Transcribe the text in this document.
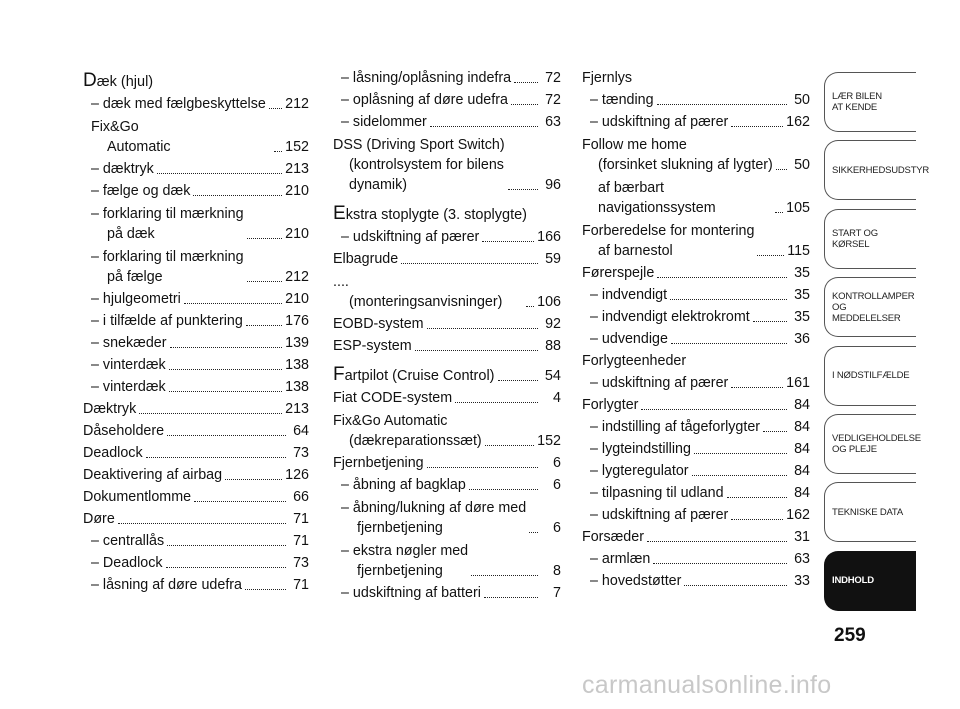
Dæk (hjul)
– dæk med fælgbeskyttelse 212
Fix&Go
Automatic	152
– dæktryk	213
– fælge og dæk	210
– forklaring til mærkning
på dæk	210
– forklaring til mærkning
på fælge	212
– hjulgeometri	210
– i tilfælde af punktering	176
– snekæder	139
– vinterdæk	138
– vinterdæk	138
Dæktryk	213
Dåseholdere	64
Deadlock	73
Deaktivering af airbag	126
Dokumentlomme	66
Døre	71
– centrallås	71
– Deadlock	73
– låsning af døre udefra	71
– låsning/oplåsning indefra 72
– oplåsning af døre udefra	72
– sidelommer	63
DSS (Driving Sport Switch)
(kontrolsystem for bilens
dynamik)	96
Ekstra stoplygte (3. stoplygte)
– udskiftning af pærer	166
Elbagrude	59
....
(monteringsanvisninger)	106
EOBD-system	92
ESP-system	88
Fartpilot (Cruise Control)	54
Fiat CODE-system	4
Fix&Go Automatic
(dækreparationssæt)	152
Fjernbetjening	6
– åbning af bagklap	6
– åbning/lukning af døre med
fjernbetjening	6
– ekstra nøgler med
fjernbetjening	8
– udskiftning af batteri	7
Fjernlys
– tænding	50
– udskiftning af pærer	162
Follow me home
(forsinket slukning af lygter) 50
af bærbart navigationssystem	105
Forberedelse for montering
af barnestol	115
Førerspejle	35
– indvendigt	35
– indvendigt elektrokromt	35
– udvendige	36
Forlygteenheder
– udskiftning af pærer	161
Forlygter	84
– indstilling af tågeforlygter 84
– lygteindstilling	84
– lygteregulator	84
– tilpasning til udland	84
– udskiftning af pærer	162
Forsæder	31
– armlæn	63
– hovedstøtter	33
LÆR BILEN
AT KENDE
SIKKERHEDSUDSTYR
START OG KØRSEL
KONTROLLAMPER
OG MEDDELELSER
I NØDSTILFÆLDE
VEDLIGEHOLDELSE
OG PLEJE
TEKNISKE DATA
INDHOLD
259
carmanualsonline.info
